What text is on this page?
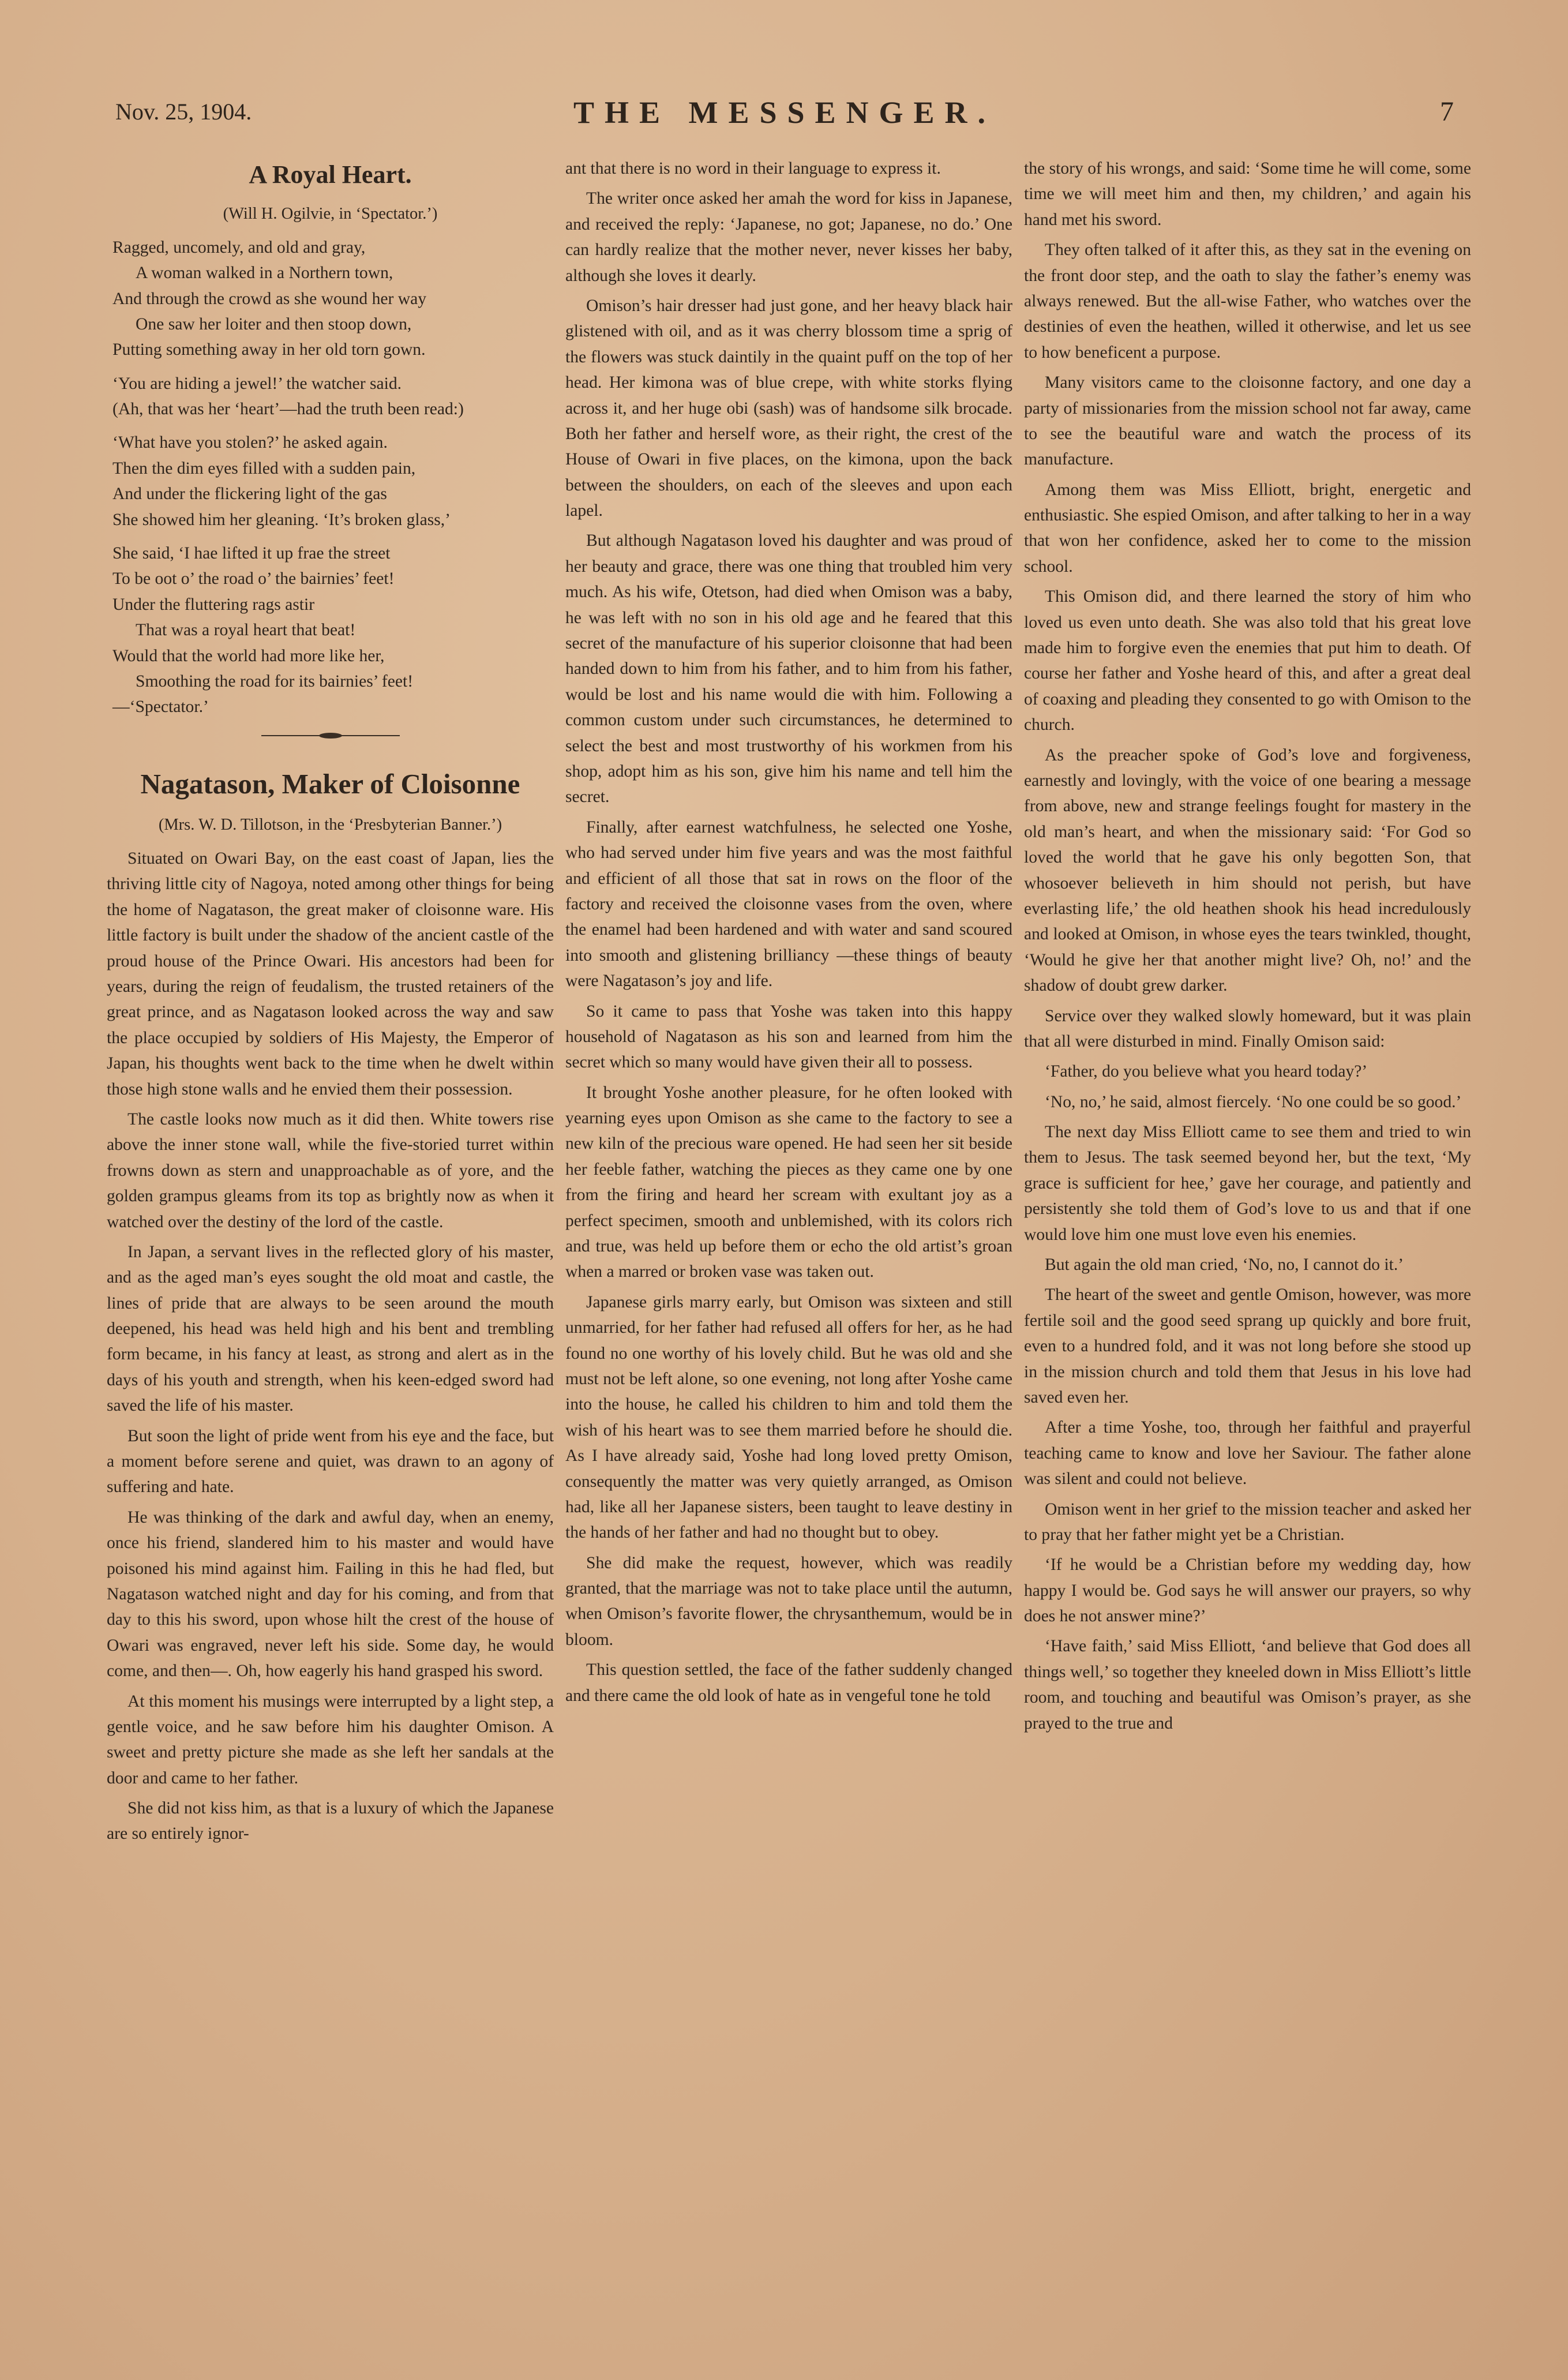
Nov. 25, 1904.	THE MESSENGER.	7
A Royal Heart.
(Will H. Ogilvie, in ‘Spectator.’)
Ragged, uncomely, and old and gray,
A woman walked in a Northern town,
And through the crowd as she wound her way
One saw her loiter and then stoop down,
Putting something away in her old torn gown.
‘You are hiding a jewel!’ the watcher said.
(Ah, that was her ‘heart’—had the truth been read:)
‘What have you stolen?’ he asked again.
Then the dim eyes filled with a sudden pain,
And under the flickering light of the gas
She showed him her gleaning. ‘It’s broken glass,’
She said, ‘I hae lifted it up frae the street
To be oot o’ the road o’ the bairnies’ feet!
Under the fluttering rags astir
That was a royal heart that beat!
Would that the world had more like her,
Smoothing the road for its bairnies’ feet!
—‘Spectator.’
Nagatason, Maker of Cloisonne
(Mrs. W. D. Tillotson, in the ‘Presbyterian Banner.’)

Situated on Owari Bay, on the east coast of Japan, lies the thriving little city of Nagoya, noted among other things for being the home of Nagatason, the great maker of cloisonne ware. His little factory is built under the shadow of the ancient castle of the proud house of the Prince Owari. His ancestors had been for years, during the reign of feudalism, the trusted retainers of the great prince, and as Nagatason looked across the way and saw the place occupied by soldiers of His Majesty, the Emperor of Japan, his thoughts went back to the time when he dwelt within those high stone walls and he envied them their possession.

The castle looks now much as it did then. White towers rise above the inner stone wall, while the five-storied turret within frowns down as stern and unapproachable as of yore, and the golden grampus gleams from its top as brightly now as when it watched over the destiny of the lord of the castle.

In Japan, a servant lives in the reflected glory of his master, and as the aged man’s eyes sought the old moat and castle, the lines of pride that are always to be seen around the mouth deepened, his head was held high and his bent and trembling form became, in his fancy at least, as strong and alert as in the days of his youth and strength, when his keen-edged sword had saved the life of his master.

But soon the light of pride went from his eye and the face, but a moment before serene and quiet, was drawn to an agony of suffering and hate.

He was thinking of the dark and awful day, when an enemy, once his friend, slandered him to his master and would have poisoned his mind against him. Failing in this he had fled, but Nagatason watched night and day for his coming, and from that day to this his sword, upon whose hilt the crest of the house of Owari was engraved, never left his side. Some day, he would come, and then—. Oh, how eagerly his hand grasped his sword.

At this moment his musings were interrupted by a light step, a gentle voice, and he saw before him his daughter Omison. A sweet and pretty picture she made as she left her sandals at the door and came to her father.

She did not kiss him, as that is a luxury of which the Japanese are so entirely ignor-

ant that there is no word in their language to express it.

The writer once asked her amah the word for kiss in Japanese, and received the reply: ‘Japanese, no got; Japanese, no do.’ One can hardly realize that the mother never, never kisses her baby, although she loves it dearly.

Omison’s hair dresser had just gone, and her heavy black hair glistened with oil, and as it was cherry blossom time a sprig of the flowers was stuck daintily in the quaint puff on the top of her head. Her kimona was of blue crepe, with white storks flying across it, and her huge obi (sash) was of handsome silk brocade. Both her father and herself wore, as their right, the crest of the House of Owari in five places, on the kimona, upon the back between the shoulders, on each of the sleeves and upon each lapel.

But although Nagatason loved his daughter and was proud of her beauty and grace, there was one thing that troubled him very much. As his wife, Otetson, had died when Omison was a baby, he was left with no son in his old age and he feared that this secret of the manufacture of his superior cloisonne that had been handed down to him from his father, and to him from his father, would be lost and his name would die with him. Following a common custom under such circumstances, he determined to select the best and most trustworthy of his workmen from his shop, adopt him as his son, give him his name and tell him the secret.

Finally, after earnest watchfulness, he selected one Yoshe, who had served under him five years and was the most faithful and efficient of all those that sat in rows on the floor of the factory and received the cloisonne vases from the oven, where the enamel had been hardened and with water and sand scoured into smooth and glistening brilliancy —these things of beauty were Nagatason’s joy and life.

So it came to pass that Yoshe was taken into this happy household of Nagatason as his son and learned from him the secret which so many would have given their all to possess.

It brought Yoshe another pleasure, for he often looked with yearning eyes upon Omison as she came to the factory to see a new kiln of the precious ware opened. He had seen her sit beside her feeble father, watching the pieces as they came one by one from the firing and heard her scream with exultant joy as a perfect specimen, smooth and unblemished, with its colors rich and true, was held up before them or echo the old artist’s groan when a marred or broken vase was taken out.

Japanese girls marry early, but Omison was sixteen and still unmarried, for her father had refused all offers for her, as he had found no one worthy of his lovely child. But he was old and she must not be left alone, so one evening, not long after Yoshe came into the house, he called his children to him and told them the wish of his heart was to see them married before he should die. As I have already said, Yoshe had long loved pretty Omison, consequently the matter was very quietly arranged, as Omison had, like all her Japanese sisters, been taught to leave destiny in the hands of her father and had no thought but to obey.

She did make the request, however, which was readily granted, that the marriage was not to take place until the autumn, when Omison’s favorite flower, the chrysanthemum, would be in bloom.

This question settled, the face of the father suddenly changed and there came the old look of hate as in vengeful tone he told

the story of his wrongs, and said: ‘Some time he will come, some time we will meet him and then, my children,’ and again his hand met his sword.

They often talked of it after this, as they sat in the evening on the front door step, and the oath to slay the father’s enemy was always renewed. But the all-wise Father, who watches over the destinies of even the heathen, willed it otherwise, and let us see to how beneficent a purpose.

Many visitors came to the cloisonne factory, and one day a party of missionaries from the mission school not far away, came to see the beautiful ware and watch the process of its manufacture.

Among them was Miss Elliott, bright, energetic and enthusiastic. She espied Omison, and after talking to her in a way that won her confidence, asked her to come to the mission school.

This Omison did, and there learned the story of him who loved us even unto death. She was also told that his great love made him to forgive even the enemies that put him to death. Of course her father and Yoshe heard of this, and after a great deal of coaxing and pleading they consented to go with Omison to the church.

As the preacher spoke of God’s love and forgiveness, earnestly and lovingly, with the voice of one bearing a message from above, new and strange feelings fought for mastery in the old man’s heart, and when the missionary said: ‘For God so loved the world that he gave his only begotten Son, that whosoever believeth in him should not perish, but have everlasting life,’ the old heathen shook his head incredulously and looked at Omison, in whose eyes the tears twinkled, thought, ‘Would he give her that another might live? Oh, no!’ and the shadow of doubt grew darker.

Service over they walked slowly homeward, but it was plain that all were disturbed in mind. Finally Omison said:

‘Father, do you believe what you heard today?’

‘No, no,’ he said, almost fiercely. ‘No one could be so good.’

The next day Miss Elliott came to see them and tried to win them to Jesus. The task seemed beyond her, but the text, ‘My grace is sufficient for hee,’ gave her courage, and patiently and persistently she told them of God’s love to us and that if one would love him one must love even his enemies.

But again the old man cried, ‘No, no, I cannot do it.’

The heart of the sweet and gentle Omison, however, was more fertile soil and the good seed sprang up quickly and bore fruit, even to a hundred fold, and it was not long before she stood up in the mission church and told them that Jesus in his love had saved even her.

After a time Yoshe, too, through her faithful and prayerful teaching came to know and love her Saviour. The father alone was silent and could not believe.

Omison went in her grief to the mission teacher and asked her to pray that her father might yet be a Christian.

‘If he would be a Christian before my wedding day, how happy I would be. God says he will answer our prayers, so why does he not answer mine?’

‘Have faith,’ said Miss Elliott, ‘and believe that God does all things well,’ so together they kneeled down in Miss Elliott’s little room, and touching and beautiful was Omison’s prayer, as she prayed to the true and
